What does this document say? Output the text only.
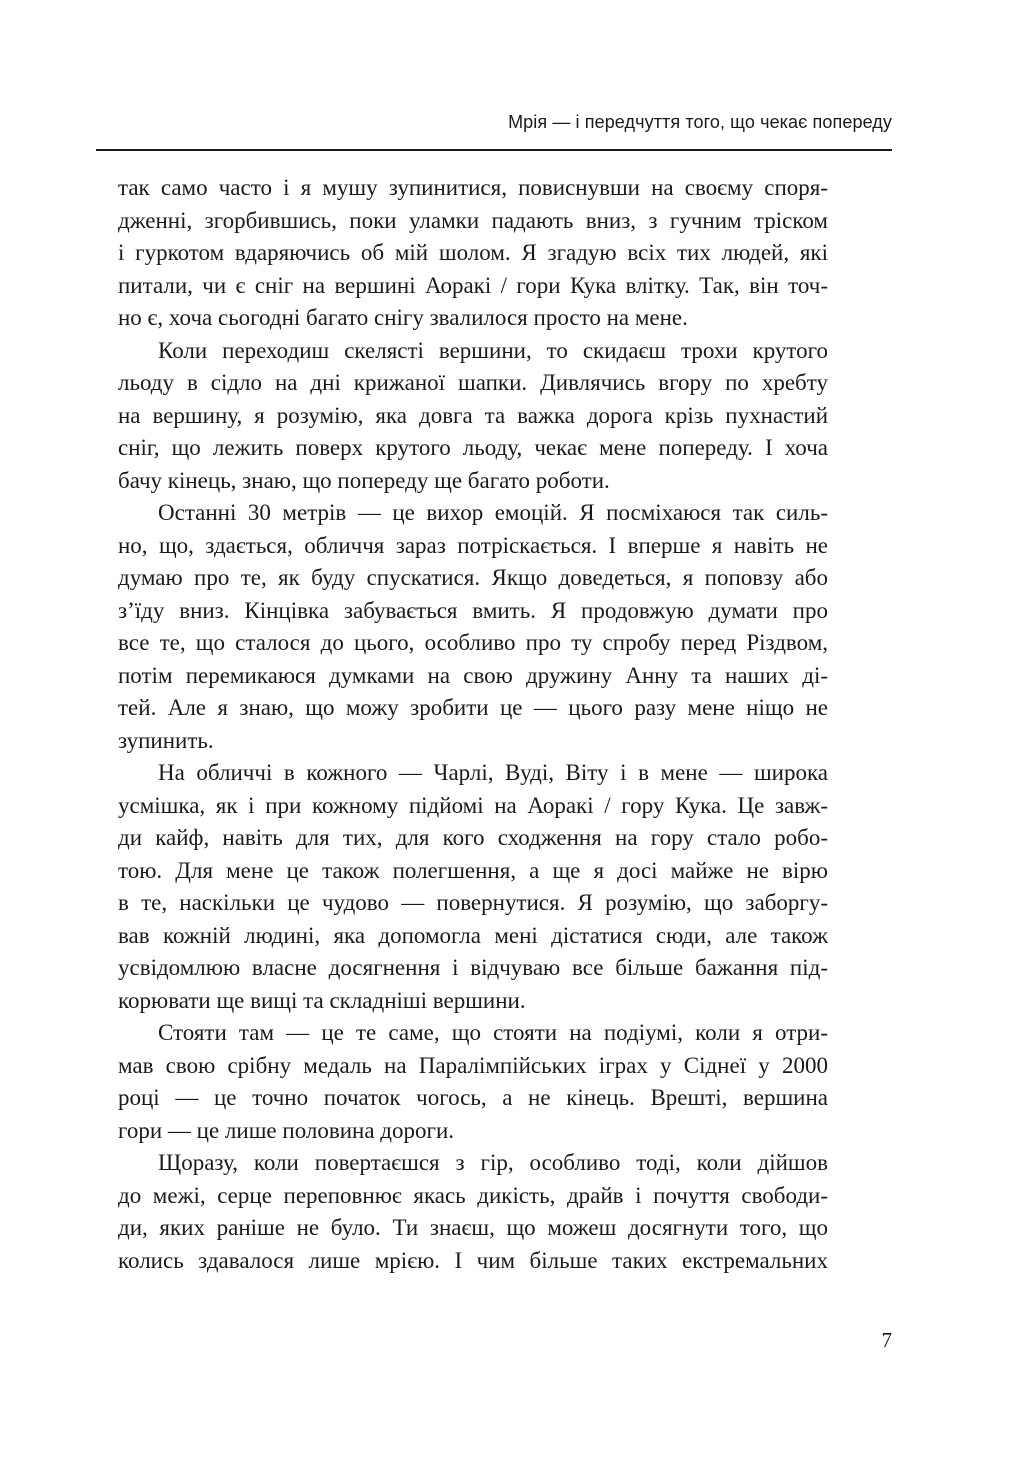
Мрія — і передчуття того, що чекає попереду

так само часто і я мушу зупинитися, повиснувши на своєму споря-
дженні, згорбившись, поки уламки падають вниз, з гучним тріском
і гуркотом вдаряючись об мій шолом. Я згадую всіх тих людей, які
питали, чи є сніг на вершині Аоракі / гори Кука влітку. Так, він точ-
но є, хоча сьогодні багато снігу звалилося просто на мене.

Коли переходиш скелясті вершини, то скидаєш трохи крутого
льоду в сідло на дні крижаної шапки. Дивлячись вгору по хребту
на вершину, я розумію, яка довга та важка дорога крізь пухнастий
сніг, що лежить поверх крутого льоду, чекає мене попереду. І хоча
бачу кінець, знаю, що попереду ще багато роботи.

Останні 30 метрів — це вихор емоцій. Я посміхаюся так силь-
но, що, здається, обличчя зараз потріскається. І вперше я навіть не
думаю про те, як буду спускатися. Якщо доведеться, я поповзу або
з’їду вниз. Кінцівка забувається вмить. Я продовжую думати про
все те, що сталося до цього, особливо про ту спробу перед Різдвом,
потім перемикаюся думками на свою дружину Анну та наших ді-
тей. Але я знаю, що можу зробити це — цього разу мене ніщо не
зупинить.

На обличчі в кожного — Чарлі, Вуді, Віту і в мене — широка
усмішка, як і при кожному підйомі на Аоракі / гору Кука. Це завж-
ди кайф, навіть для тих, для кого сходження на гору стало робо-
тою. Для мене це також полегшення, а ще я досі майже не вірю
в те, наскільки це чудово — повернутися. Я розумію, що заборгу-
вав кожній людині, яка допомогла мені дістатися сюди, але також
усвідомлюю власне досягнення і відчуваю все більше бажання під-
корювати ще вищі та складніші вершини.

Стояти там — це те саме, що стояти на подіумі, коли я отри-
мав свою срібну медаль на Паралімпійських іграх у Сіднеї у 2000
році — це точно початок чогось, а не кінець. Врешті, вершина
гори — це лише половина дороги.

Щоразу, коли повертаєшся з гір, особливо тоді, коли дійшов
до межі, серце переповнює якась дикість, драйв і почуття свободи-
ди, яких раніше не було. Ти знаєш, що можеш досягнути того, що
колись здавалося лише мрією. І чим більше таких екстремальних

7
